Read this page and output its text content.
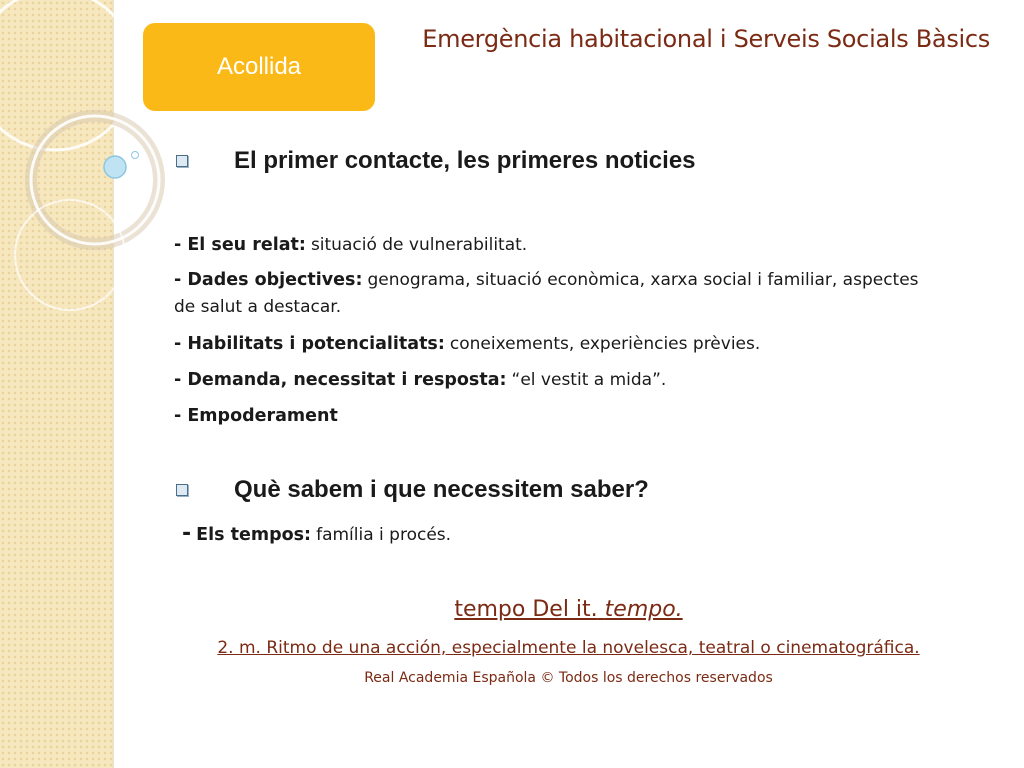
Acollida
Emergència habitacional i Serveis Socials Bàsics
El primer contacte, les primeres noticies
- El seu relat: situació de vulnerabilitat.
- Dades objectives: genograma, situació econòmica, xarxa social i familiar, aspectes
de salut a destacar.
- Habilitats i potencialitats: coneixements, experiències prèvies.
- Demanda, necessitat i resposta: “el vestit a mida”.
- Empoderament
Què sabem i que necessitem saber?
- Els tempos: família i procés.
tempo Del it. tempo.
2. m. Ritmo de una acción, especialmente la novelesca, teatral o cinematográfica.
Real Academia Española © Todos los derechos reservados
